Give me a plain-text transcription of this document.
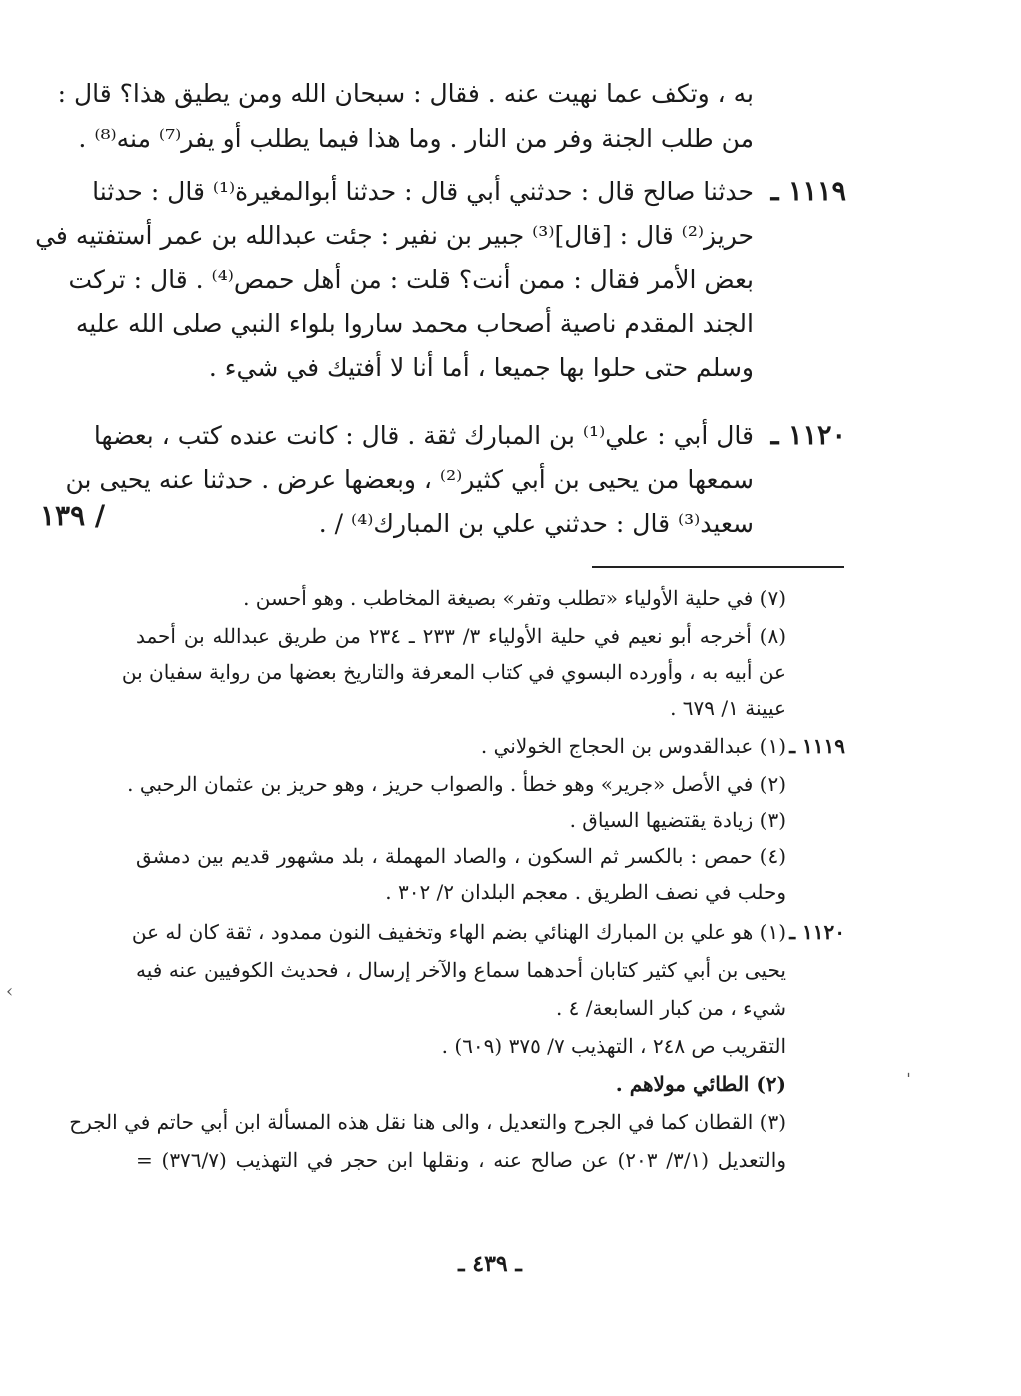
به ، وتكف عما نهيت عنه . فقال : سبحان الله ومن يطيق هذا؟ قال :
من طلب الجنة وفر من النار . وما هذا فيما يطلب أو يفر⁽⁷⁾ منه⁽⁸⁾ .
١١١٩ ـ
حدثنا صالح قال : حدثني أبي قال : حدثنا أبوالمغيرة⁽¹⁾ قال : حدثنا
حريز⁽²⁾ قال : [قال]⁽³⁾ جبير بن نفير : جئت عبدالله بن عمر أستفتيه في
بعض الأمر فقال : ممن أنت؟ قلت : من أهل حمص⁽⁴⁾ . قال : تركت
الجند المقدم ناصية أصحاب محمد ساروا بلواء النبي صلى الله عليه
وسلم حتى حلوا بها جميعا ، أما أنا لا أفتيك في شيء .
١١٢٠ ـ
قال أبي : علي⁽¹⁾ بن المبارك ثقة . قال : كانت عنده كتب ، بعضها
سمعها من يحيى بن أبي كثير⁽²⁾ ، وبعضها عرض . حدثنا عنه يحيى بن
سعيد⁽³⁾ قال : حدثني علي بن المبارك⁽⁴⁾ / .
١٣٩ /
(٧) في حلية الأولياء «تطلب وتفر» بصيغة المخاطب . وهو أحسن .
(٨) أخرجه أبو نعيم في حلية الأولياء ٣/ ٢٣٣ ـ ٢٣٤ من طريق عبدالله بن أحمد
عن أبيه به ، وأورده البسوي في كتاب المعرفة والتاريخ بعضها من رواية سفيان بن
عيينة ١/ ٦٧٩ .
(١) عبدالقدوس بن الحجاج الخولاني .
(٢) في الأصل «جرير» وهو خطأ . والصواب حريز ، وهو حريز بن عثمان الرحبي .
(٣) زيادة يقتضيها السياق .
(٤) حمص : بالكسر ثم السكون ، والصاد المهملة ، بلد مشهور قديم بين دمشق
وحلب في نصف الطريق . معجم البلدان ٢/ ٣٠٢ .
(١) هو علي بن المبارك الهنائي بضم الهاء وتخفيف النون ممدود ، ثقة كان له عن
يحيى بن أبي كثير كتابان أحدهما سماع والآخر إرسال ، فحديث الكوفيين عنه فيه
شيء ، من كبار السابعة/ ٤ .
التقريب ص ٢٤٨ ، التهذيب ٧/ ٣٧٥ (٦٠٩) .
(٢) الطائي مولاهم .
(٣) القطان كما في الجرح والتعديل ، والى هنا نقل هذه المسألة ابن أبي حاتم في الجرح
والتعديل (٣/١/ ٢٠٣) عن صالح عنه ، ونقلها ابن حجر في التهذيب (٣٧٦/٧) =
١١١٩ ـ
١١٢٠ ـ
ـ ٤٣٩ ـ
‹
ˌ
